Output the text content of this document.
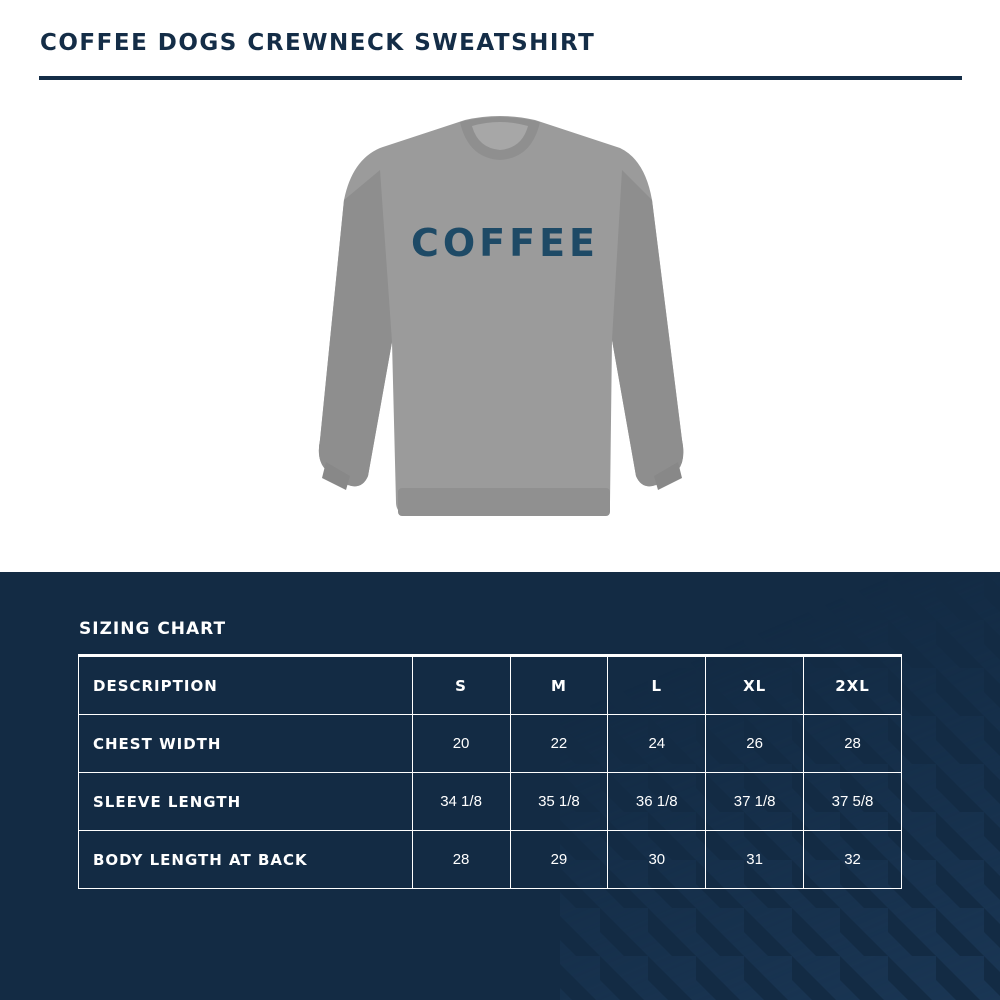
COFFEE DOGS CREWNECK SWEATSHIRT
COFFEE
SIZING CHART
DESCRIPTION	S	M	L	XL	2XL
CHEST WIDTH	20	22	24	26	28
SLEEVE LENGTH	34 1/8	35 1/8	36 1/8	37 1/8	37 5/8
BODY LENGTH AT BACK	28	29	30	31	32
